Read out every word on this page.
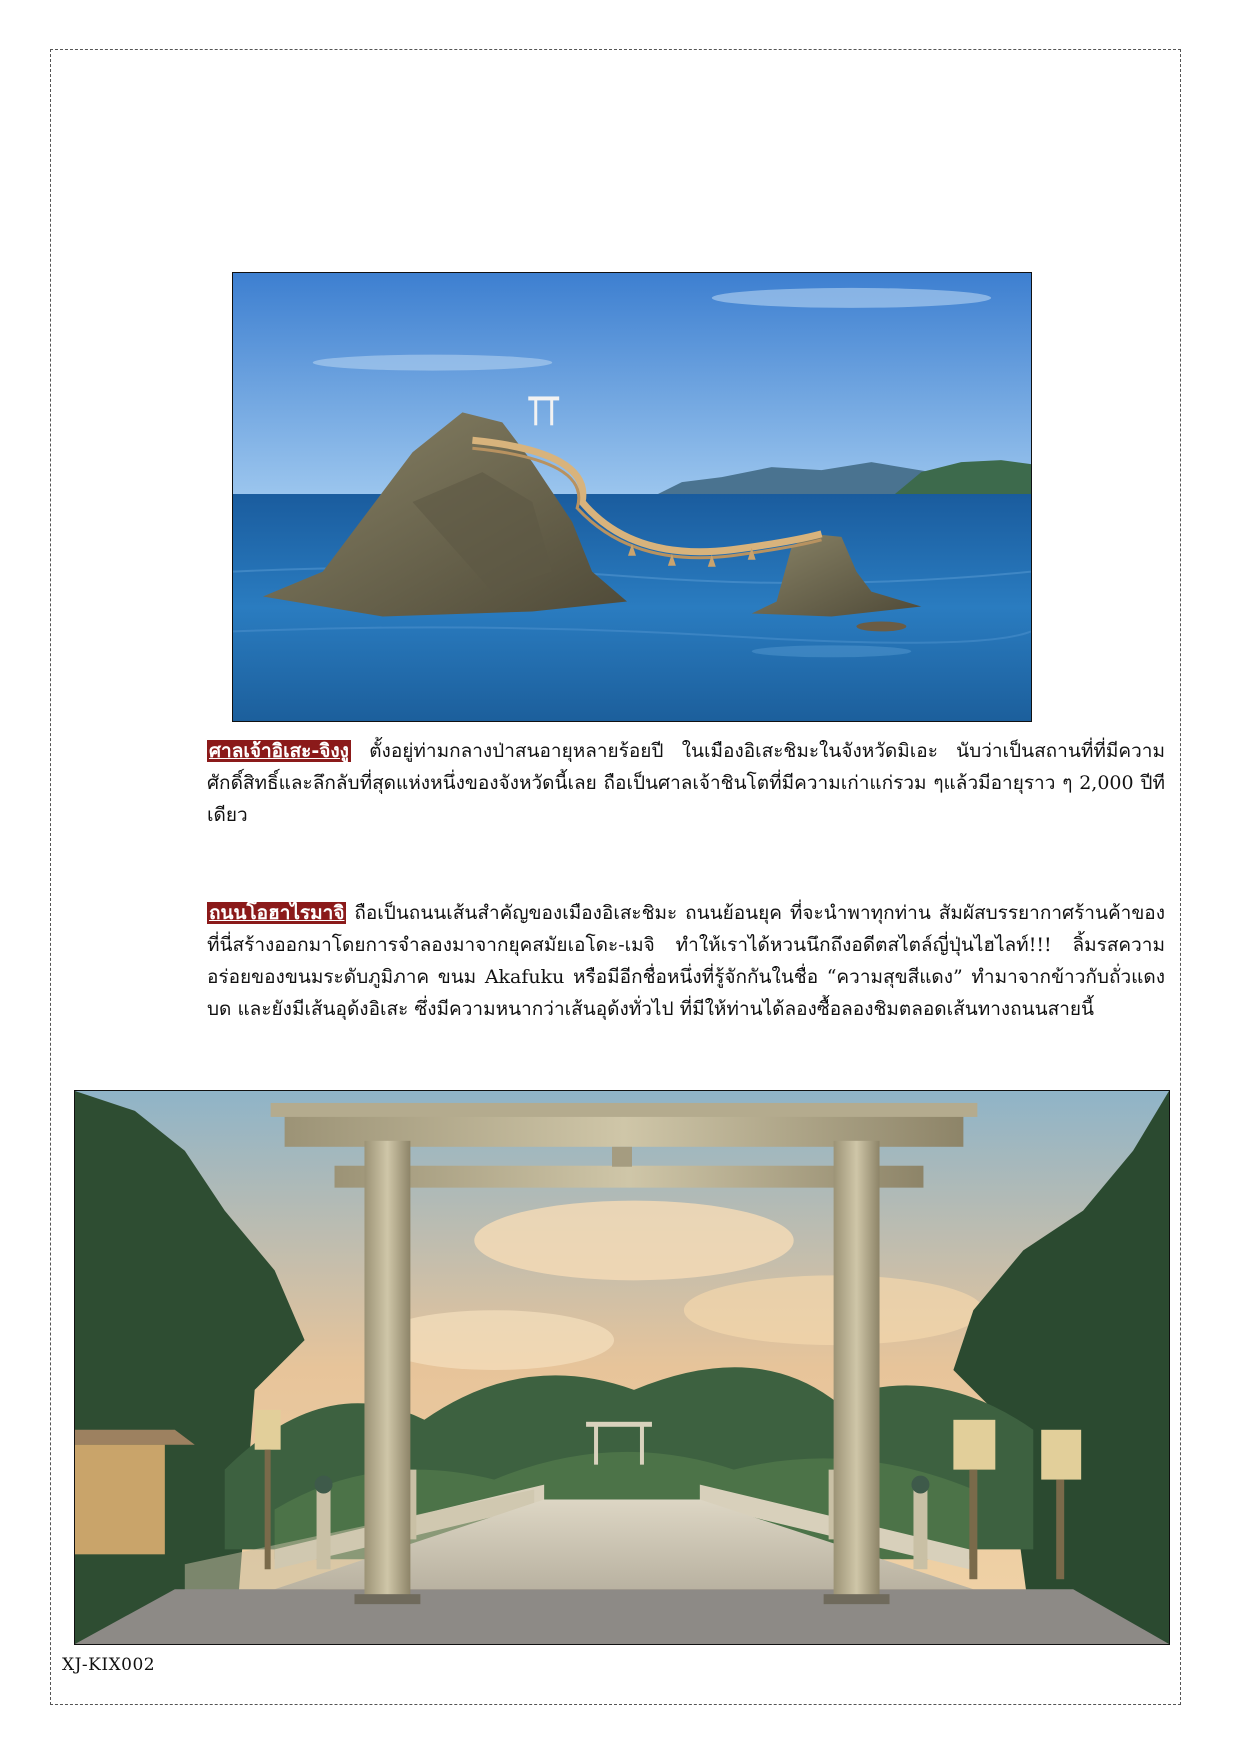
ศาลเจ้าอิเสะ-จิงงู ตั้งอยู่ท่ามกลางป่าสนอายุหลายร้อยปี ในเมืองอิเสะชิมะในจังหวัดมิเอะ นับว่าเป็นสถานที่ที่มีความศักดิ์สิทธิ์และลึกลับที่สุดแห่งหนึ่งของจังหวัดนี้เลย ถือเป็นศาลเจ้าชินโตที่มีความเก่าแก่รวม ๆแล้วมีอายุราว ๆ 2,000 ปีทีเดียว
ถนนโอฮาไรมาจิ ถือเป็นถนนเส้นสำคัญของเมืองอิเสะชิมะ ถนนย้อนยุค ที่จะนำพาทุกท่าน สัมผัสบรรยากาศร้านค้าของที่นี่สร้างออกมาโดยการจำลองมาจากยุคสมัยเอโดะ-เมจิ ทำให้เราได้หวนนึกถึงอดีตสไตล์ญี่ปุ่นไฮไลท์!!! ลิ้มรสความอร่อยของขนมระดับภูมิภาค ขนม Akafuku หรือมีอีกชื่อหนึ่งที่รู้จักกันในชื่อ “ความสุขสีแดง” ทำมาจากข้าวกับถั่วแดงบด และยังมีเส้นอุด้งอิเสะ ซึ่งมีความหนากว่าเส้นอุด้งทั่วไป ที่มีให้ท่านได้ลองซื้อลองชิมตลอดเส้นทางถนนสายนี้
XJ-KIX002
